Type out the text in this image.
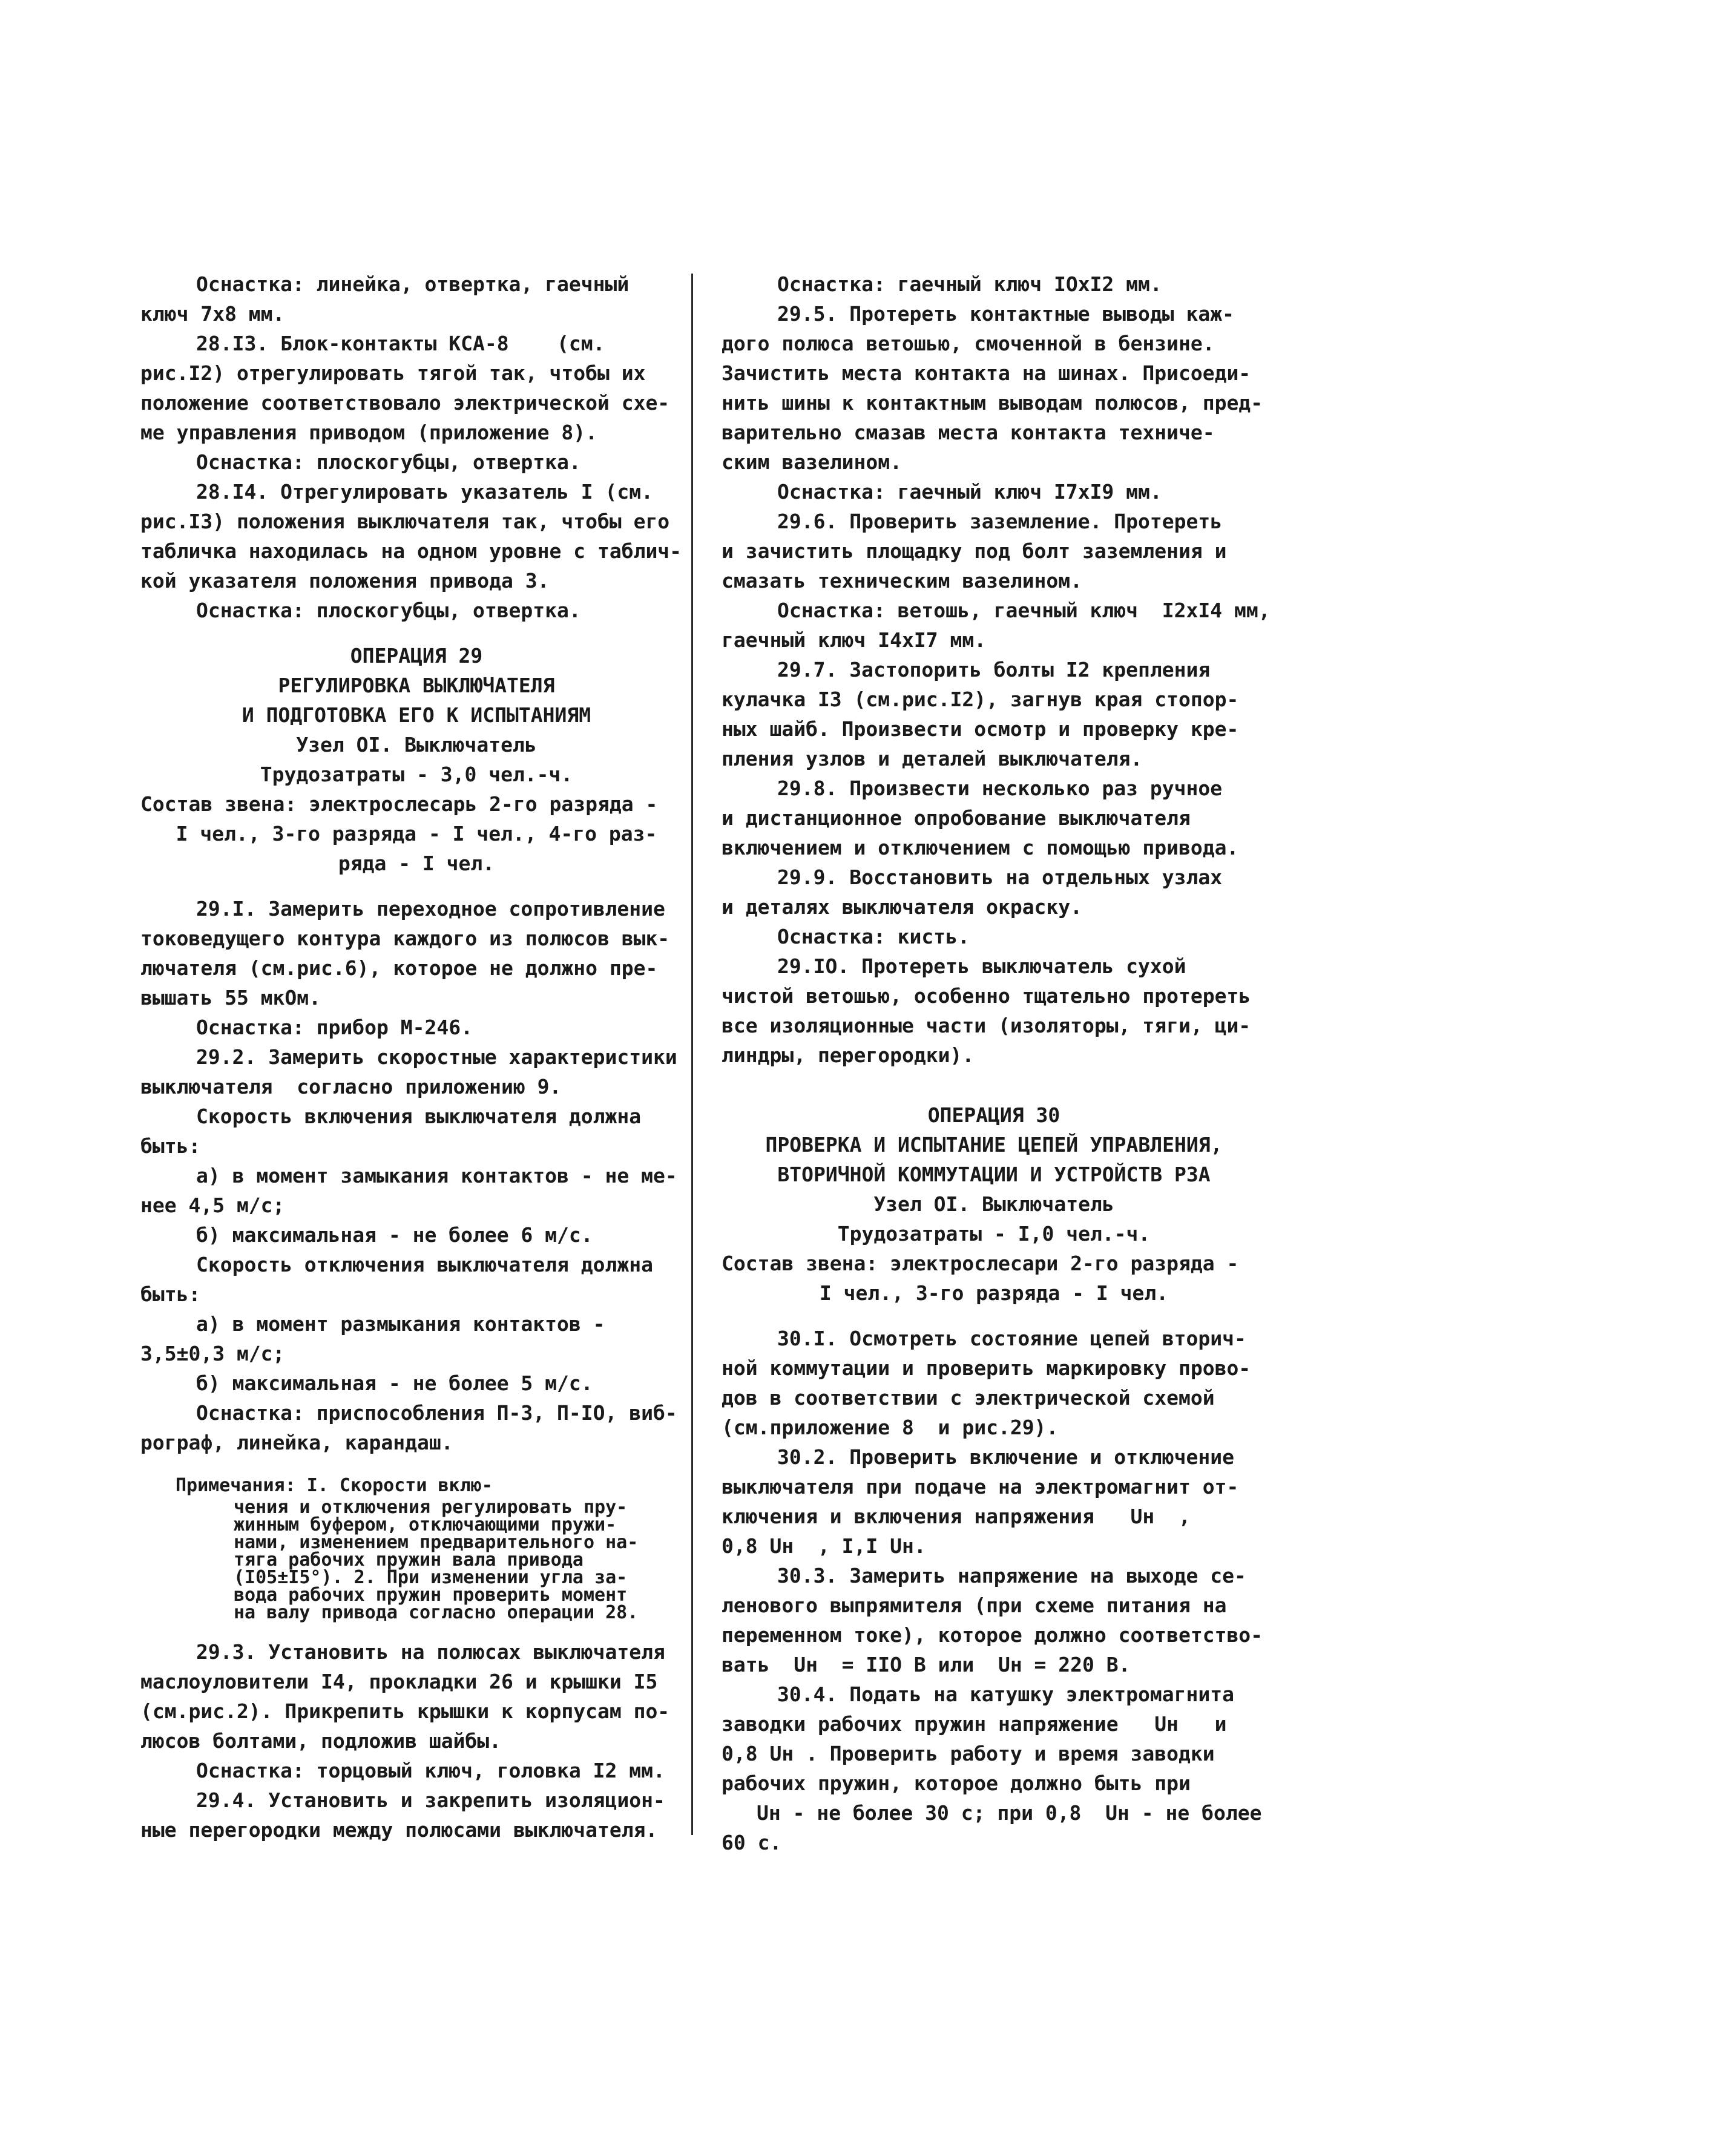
Оснастка: линейка, отвертка, гаечный
ключ 7х8 мм.
28.I3. Блок-контакты КСА-8    (см.
рис.I2) отрегулировать тягой так, чтобы их
положение соответствовало электрической схе-
ме управления приводом (приложение 8).
Оснастка: плоскогубцы, отвертка.
28.I4. Отрегулировать указатель I (см.
рис.I3) положения выключателя так, чтобы его
табличка находилась на одном уровне с таблич-
кой указателя положения привода 3.
Оснастка: плоскогубцы, отвертка.
ОПЕРАЦИЯ 29
РЕГУЛИРОВКА ВЫКЛЮЧАТЕЛЯ
И ПОДГОТОВКА ЕГО К ИСПЫТАНИЯМ
Узел OI. Выключатель
Трудозатраты - 3,0 чел.-ч.
Состав звена: электрослесарь 2-го разряда -
I чел., 3-го разряда - I чел., 4-го раз-
ряда - I чел.
29.I. Замерить переходное сопротивление
токоведущего контура каждого из полюсов вык-
лючателя (см.рис.6), которое не должно пре-
вышать 55 мкОм.
Оснастка: прибор М-246.
29.2. Замерить скоростные характеристики
выключателя  согласно приложению 9.
Скорость включения выключателя должна
быть:
а) в момент замыкания контактов - не ме-
нее 4,5 м/с;
б) максимальная - не более 6 м/с.
Скорость отключения выключателя должна
быть:
а) в момент размыкания контактов -
3,5±0,3 м/с;
б) максимальная - не более 5 м/с.
Оснастка: приспособления П-3, П-IO, виб-
рограф, линейка, карандаш.
Примечания: I. Скорости вклю-
чения и отключения регулировать пру-
жинным буфером, отключающими пружи-
нами, изменением предварительного на-
тяга рабочих пружин вала привода
(I05±I5°). 2. При изменении угла за-
вода рабочих пружин проверить момент
на валу привода согласно операции 28.
29.3. Установить на полюсах выключателя
маслоуловители I4, прокладки 26 и крышки I5
(см.рис.2). Прикрепить крышки к корпусам по-
люсов болтами, подложив шайбы.
Оснастка: торцовый ключ, головка I2 мм.
29.4. Установить и закрепить изоляцион-
ные перегородки между полюсами выключателя.
Оснастка: гаечный ключ IOхI2 мм.
29.5. Протереть контактные выводы каж-
дого полюса ветошью, смоченной в бензине.
Зачистить места контакта на шинах. Присоеди-
нить шины к контактным выводам полюсов, пред-
варительно смазав места контакта техниче-
ским вазелином.
Оснастка: гаечный ключ I7хI9 мм.
29.6. Проверить заземление. Протереть
и зачистить площадку под болт заземления и
смазать техническим вазелином.
Оснастка: ветошь, гаечный ключ  I2хI4 мм,
гаечный ключ I4хI7 мм.
29.7. Застопорить болты I2 крепления
кулачка I3 (см.рис.I2), загнув края стопор-
ных шайб. Произвести осмотр и проверку кре-
пления узлов и деталей выключателя.
29.8. Произвести несколько раз ручное
и дистанционное опробование выключателя
включением и отключением с помощью привода.
29.9. Восстановить на отдельных узлах
и деталях выключателя окраску.
Оснастка: кисть.
29.IO. Протереть выключатель сухой
чистой ветошью, особенно тщательно протереть
все изоляционные части (изоляторы, тяги, ци-
линдры, перегородки).
ОПЕРАЦИЯ 30
ПРОВЕРКА И ИСПЫТАНИЕ ЦЕПЕЙ УПРАВЛЕНИЯ,
ВТОРИЧНОЙ КОММУТАЦИИ И УСТРОЙСТВ РЗА
Узел OI. Выключатель
Трудозатраты - I,0 чел.-ч.
Состав звена: электрослесари 2-го разряда -
I чел., 3-го разряда - I чел.
30.I. Осмотреть состояние цепей вторич-
ной коммутации и проверить маркировку прово-
дов в соответствии с электрической схемой
(см.приложение 8  и рис.29).
30.2. Проверить включение и отключение
выключателя при подаче на электромагнит от-
ключения и включения напряжения   Uн  ,
0,8 Uн  , I,I Uн.
30.3. Замерить напряжение на выходе се-
ленового выпрямителя (при схеме питания на
переменном токе), которое должно соответство-
вать  Uн  = IIO В или  Uн = 220 В.
30.4. Подать на катушку электромагнита
заводки рабочих пружин напряжение   Uн   и
0,8 Uн . Проверить работу и время заводки
рабочих пружин, которое должно быть при
Uн - не более 30 с; при 0,8  Uн - не более
60 с.
